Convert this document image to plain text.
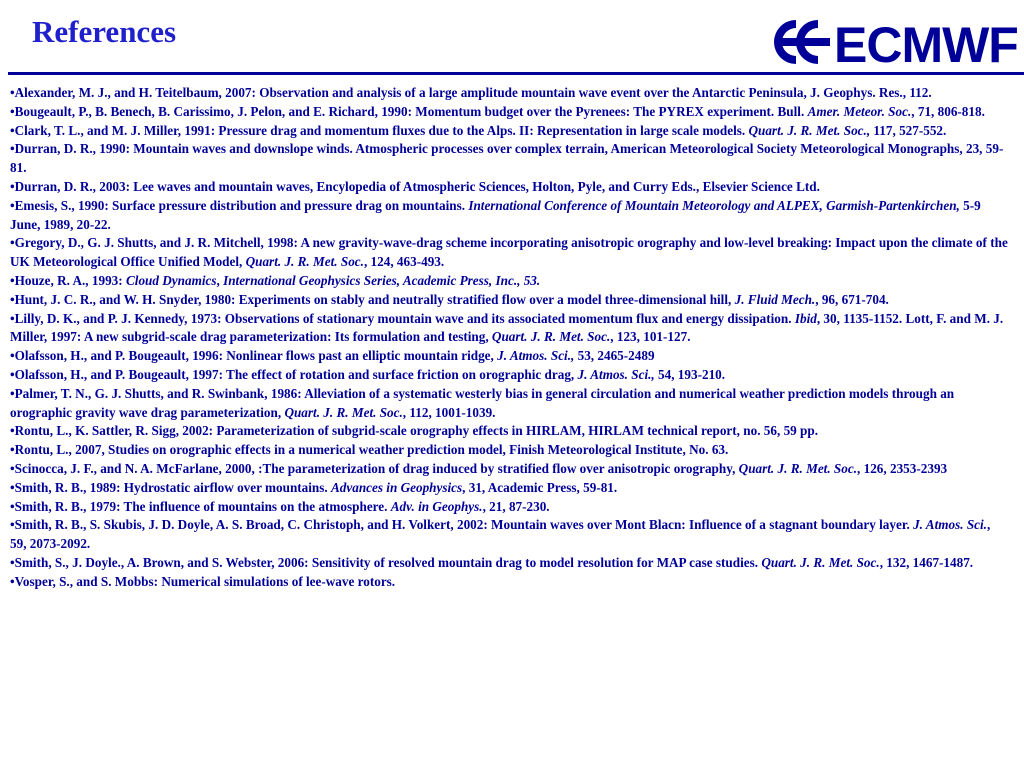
References	ECMWF

•Alexander, M. J., and H. Teitelbaum, 2007: Observation and analysis of a large amplitude mountain wave event over the Antarctic Peninsula, J. Geophys. Res., 112.

•Bougeault, P., B. Benech, B. Carissimo, J. Pelon, and E. Richard, 1990: Momentum budget over the Pyrenees: The PYREX experiment. Bull. Amer. Meteor. Soc., 71, 806-818.

•Clark, T. L., and M. J. Miller, 1991: Pressure drag and momentum fluxes due to the Alps. II: Representation in large scale models. Quart. J. R. Met. Soc., 117, 527-552.

•Durran, D. R., 1990: Mountain waves and downslope winds. Atmospheric processes over complex terrain, American Meteorological Society Meteorological Monographs, 23, 59-81.

•Durran, D. R., 2003: Lee waves and mountain waves, Encylopedia of Atmospheric Sciences, Holton, Pyle, and Curry Eds., Elsevier Science Ltd.

•Emesis, S., 1990: Surface pressure distribution and pressure drag on mountains. International Conference of Mountain Meteorology and ALPEX, Garmish-Partenkirchen, 5-9 June, 1989, 20-22.

•Gregory, D., G. J. Shutts, and J. R. Mitchell, 1998: A new gravity-wave-drag scheme incorporating anisotropic orography and low-level breaking: Impact upon the climate of the UK Meteorological Office Unified Model, Quart. J. R. Met. Soc., 124, 463-493.

•Houze, R. A., 1993: Cloud Dynamics, International Geophysics Series, Academic Press, Inc., 53.

•Hunt, J. C. R., and W. H. Snyder, 1980: Experiments on stably and neutrally stratified flow over a model three-dimensional hill, J. Fluid Mech., 96, 671-704.

•Lilly, D. K., and P. J. Kennedy, 1973: Observations of stationary mountain wave and its associated momentum flux and energy dissipation. Ibid, 30, 1135-1152. Lott, F. and M. J. Miller, 1997: A new subgrid-scale drag parameterization: Its formulation and testing, Quart. J. R. Met. Soc., 123, 101-127.

•Olafsson, H., and P. Bougeault, 1996: Nonlinear flows past an elliptic mountain ridge, J. Atmos. Sci., 53, 2465-2489

•Olafsson, H., and P. Bougeault, 1997: The effect of rotation and surface friction on orographic drag, J. Atmos. Sci., 54, 193-210.

•Palmer, T. N., G. J. Shutts, and R. Swinbank, 1986: Alleviation of a systematic westerly bias in general circulation and numerical weather prediction models through an orographic gravity wave drag parameterization, Quart. J. R. Met. Soc., 112, 1001-1039.

•Rontu, L., K. Sattler, R. Sigg, 2002: Parameterization of subgrid-scale orography effects in HIRLAM, HIRLAM technical report, no. 56, 59 pp.

•Rontu, L., 2007, Studies on orographic effects in a numerical weather prediction model, Finish Meteorological Institute, No. 63.

•Scinocca, J. F., and N. A. McFarlane, 2000, :The parameterization of drag induced by stratified flow over anisotropic orography, Quart. J. R. Met. Soc., 126, 2353-2393

•Smith, R. B., 1989: Hydrostatic airflow over mountains. Advances in Geophysics, 31, Academic Press, 59-81.

•Smith, R. B., 1979: The influence of mountains on the atmosphere. Adv. in Geophys., 21, 87-230.

•Smith, R. B., S. Skubis, J. D. Doyle, A. S. Broad, C. Christoph, and H. Volkert, 2002: Mountain waves over Mont Blacn: Influence of a stagnant boundary layer. J. Atmos. Sci., 59, 2073-2092.

•Smith, S., J. Doyle., A. Brown, and S. Webster, 2006: Sensitivity of resolved mountain drag to model resolution for MAP case studies. Quart. J. R. Met. Soc., 132, 1467-1487.

•Vosper, S., and S. Mobbs: Numerical simulations of lee-wave rotors.
